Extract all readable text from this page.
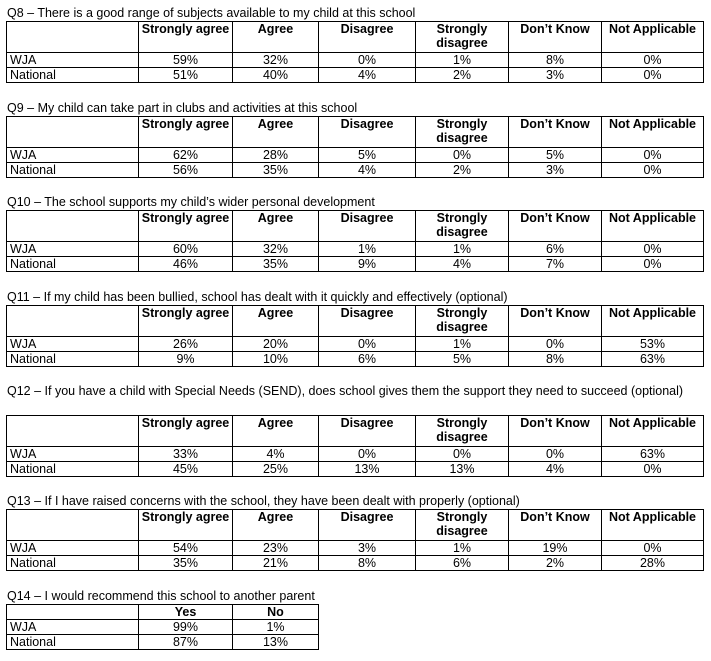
Q8 – There is a good range of subjects available to my child at this school
	Strongly agree	Agree	Disagree	Strongly disagree	Don’t Know	Not Applicable
WJA	59%	32%	0%	1%	8%	0%
National	51%	40%	4%	2%	3%	0%
Q9 – My child can take part in clubs and activities at this school
	Strongly agree	Agree	Disagree	Strongly disagree	Don’t Know	Not Applicable
WJA	62%	28%	5%	0%	5%	0%
National	56%	35%	4%	2%	3%	0%
Q10 – The school supports my child’s wider personal development
	Strongly agree	Agree	Disagree	Strongly disagree	Don’t Know	Not Applicable
WJA	60%	32%	1%	1%	6%	0%
National	46%	35%	9%	4%	7%	0%
Q11 – If my child has been bullied, school has dealt with it quickly and effectively (optional)
	Strongly agree	Agree	Disagree	Strongly disagree	Don’t Know	Not Applicable
WJA	26%	20%	0%	1%	0%	53%
National	9%	10%	6%	5%	8%	63%
Q12 – If you have a child with Special Needs (SEND), does school gives them the support they need to succeed (optional)
	Strongly agree	Agree	Disagree	Strongly disagree	Don’t Know	Not Applicable
WJA	33%	4%	0%	0%	0%	63%
National	45%	25%	13%	13%	4%	0%
Q13 – If I have raised concerns with the school, they have been dealt with properly (optional)
	Strongly agree	Agree	Disagree	Strongly disagree	Don’t Know	Not Applicable
WJA	54%	23%	3%	1%	19%	0%
National	35%	21%	8%	6%	2%	28%
Q14 – I would recommend this school to another parent
	Yes	No
WJA	99%	1%
National	87%	13%
